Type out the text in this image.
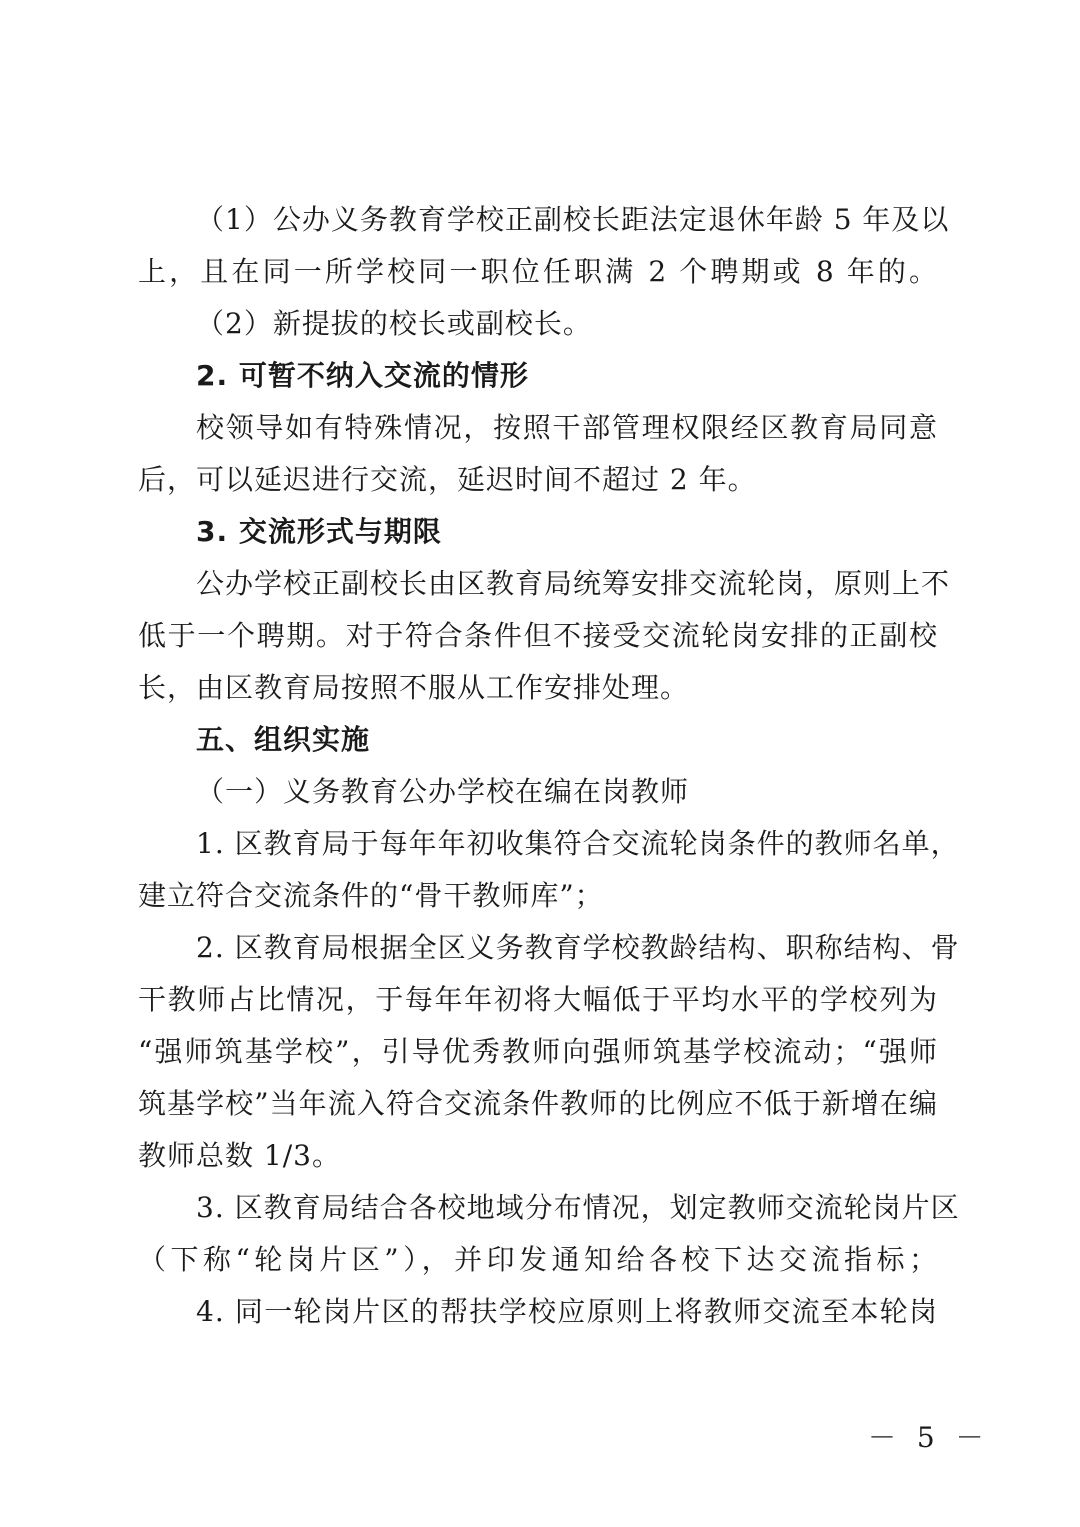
（1）公办义务教育学校正副校长距法定退休年龄 5 年及以
上，且在同一所学校同一职位任职满 2 个聘期或 8 年的。
（2）新提拔的校长或副校长。
2. 可暂不纳入交流的情形
校领导如有特殊情况，按照干部管理权限经区教育局同意
后，可以延迟进行交流，延迟时间不超过 2 年。
3. 交流形式与期限
公办学校正副校长由区教育局统筹安排交流轮岗，原则上不
低于一个聘期。对于符合条件但不接受交流轮岗安排的正副校
长，由区教育局按照不服从工作安排处理。
五、组织实施
（一）义务教育公办学校在编在岗教师
1. 区教育局于每年年初收集符合交流轮岗条件的教师名单，
建立符合交流条件的“骨干教师库”；
2. 区教育局根据全区义务教育学校教龄结构、职称结构、骨
干教师占比情况，于每年年初将大幅低于平均水平的学校列为
“强师筑基学校”，引导优秀教师向强师筑基学校流动；“强师
筑基学校”当年流入符合交流条件教师的比例应不低于新增在编
教师总数 1/3。
3. 区教育局结合各校地域分布情况，划定教师交流轮岗片区
（下称“轮岗片区”），并印发通知给各校下达交流指标；
4. 同一轮岗片区的帮扶学校应原则上将教师交流至本轮岗
－ 5 －
